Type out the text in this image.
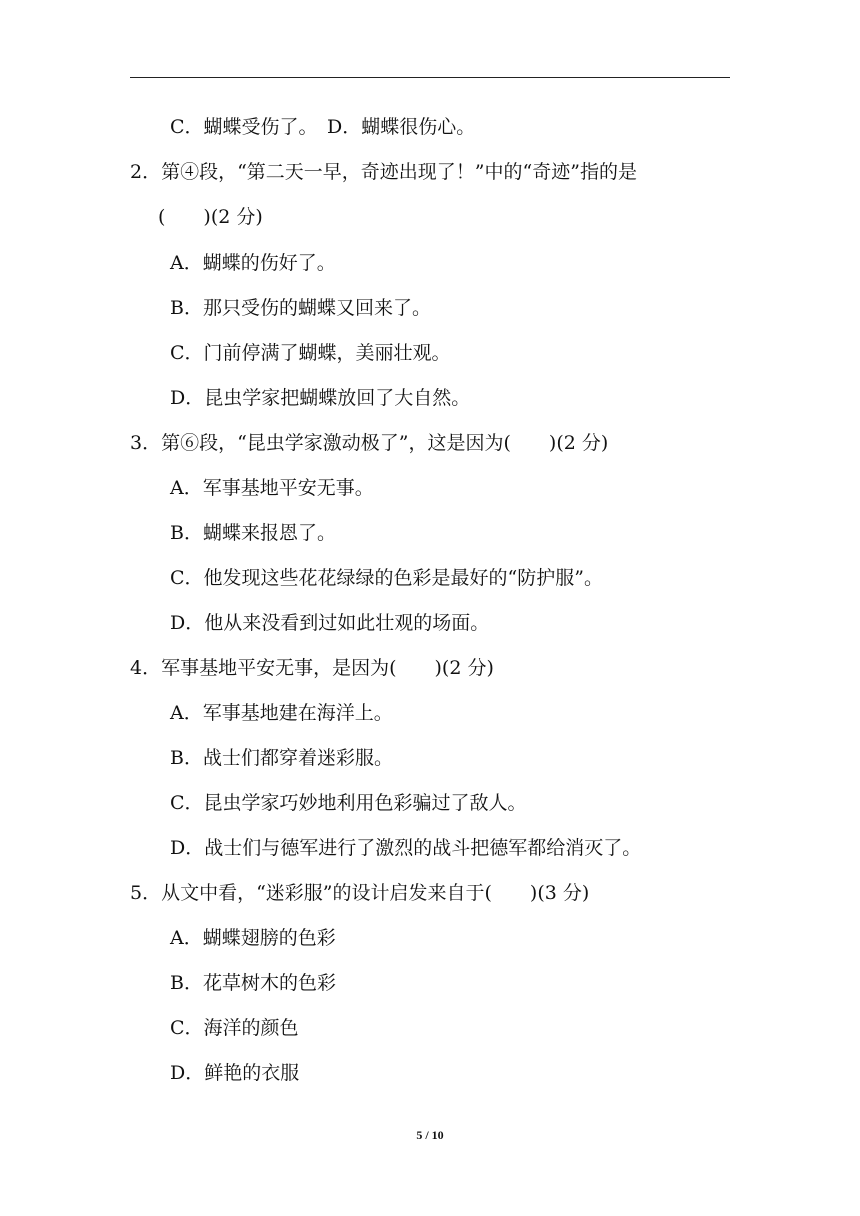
C．蝴蝶受伤了。　D．蝴蝶很伤心。
2．第④段，“第二天一早，奇迹出现了！”中的“奇迹”指的是
(　　)(2 分)
A．蝴蝶的伤好了。
B．那只受伤的蝴蝶又回来了。
C．门前停满了蝴蝶，美丽壮观。
D．昆虫学家把蝴蝶放回了大自然。
3．第⑥段，“昆虫学家激动极了”，这是因为(　　)(2 分)
A．军事基地平安无事。
B．蝴蝶来报恩了。
C．他发现这些花花绿绿的色彩是最好的“防护服”。
D．他从来没看到过如此壮观的场面。
4．军事基地平安无事，是因为(　　)(2 分)
A．军事基地建在海洋上。
B．战士们都穿着迷彩服。
C．昆虫学家巧妙地利用色彩骗过了敌人。
D．战士们与德军进行了激烈的战斗把德军都给消灭了。
5．从文中看，“迷彩服”的设计启发来自于(　　)(3 分)
A．蝴蝶翅膀的色彩
B．花草树木的色彩
C．海洋的颜色
D．鲜艳的衣服
5 / 10
